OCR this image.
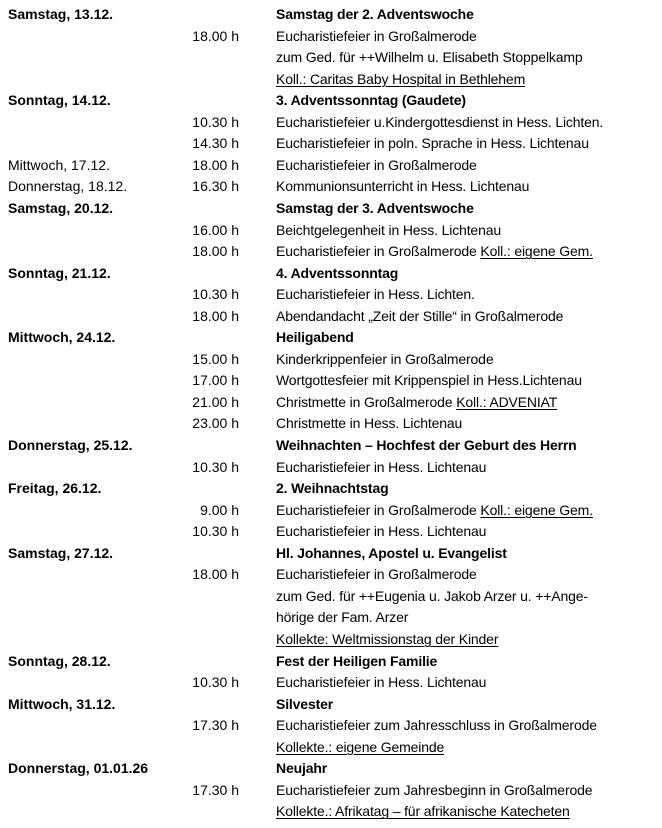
Samstag, 13.12.	Samstag der 2. Adventswoche
18.00 h	Eucharistiefeier in Großalmerode
zum Ged. für ++Wilhelm u. Elisabeth Stoppelkamp
Koll.: Caritas Baby Hospital in Bethlehem
Sonntag, 14.12.	3. Adventssonntag (Gaudete)
10.30 h	Eucharistiefeier u.Kindergottesdienst in Hess. Lichten.
14.30 h	Eucharistiefeier in poln. Sprache in Hess. Lichtenau
Mittwoch, 17.12.	18.00 h	Eucharistiefeier in Großalmerode
Donnerstag, 18.12.	16.30 h	Kommunionsunterricht in Hess. Lichtenau
Samstag, 20.12.	Samstag der 3. Adventswoche
16.00 h	Beichtgelegenheit in Hess. Lichtenau
18.00 h	Eucharistiefeier in Großalmerode Koll.: eigene Gem.
Sonntag, 21.12.	4. Adventssonntag
10.30 h	Eucharistiefeier in Hess. Lichten.
18.00 h	Abendandacht „Zeit der Stille“ in Großalmerode
Mittwoch, 24.12.	Heiligabend
15.00 h	Kinderkrippenfeier in Großalmerode
17.00 h	Wortgottesfeier mit Krippenspiel in Hess.Lichtenau
21.00 h	Christmette in Großalmerode Koll.: ADVENIAT
23.00 h	Christmette in Hess. Lichtenau
Donnerstag, 25.12.	Weihnachten – Hochfest der Geburt des Herrn
10.30 h	Eucharistiefeier in Hess. Lichtenau
Freitag, 26.12.	2. Weihnachtstag
9.00 h	Eucharistiefeier in Großalmerode Koll.: eigene Gem.
10.30 h	Eucharistiefeier in Hess. Lichtenau
Samstag, 27.12.	Hl. Johannes, Apostel u. Evangelist
18.00 h	Eucharistiefeier in Großalmerode
zum Ged. für ++Eugenia u. Jakob Arzer u. ++Ange-
hörige der Fam. Arzer
Kollekte: Weltmissionstag der Kinder
Sonntag, 28.12.	Fest der Heiligen Familie
10.30 h	Eucharistiefeier in Hess. Lichtenau
Mittwoch, 31.12.	Silvester
17.30 h	Eucharistiefeier zum Jahresschluss in Großalmerode
Kollekte.: eigene Gemeinde
Donnerstag, 01.01.26	Neujahr
17.30 h	Eucharistiefeier zum Jahresbeginn in Großalmerode
Kollekte.: Afrikatag – für afrikanische Katecheten
